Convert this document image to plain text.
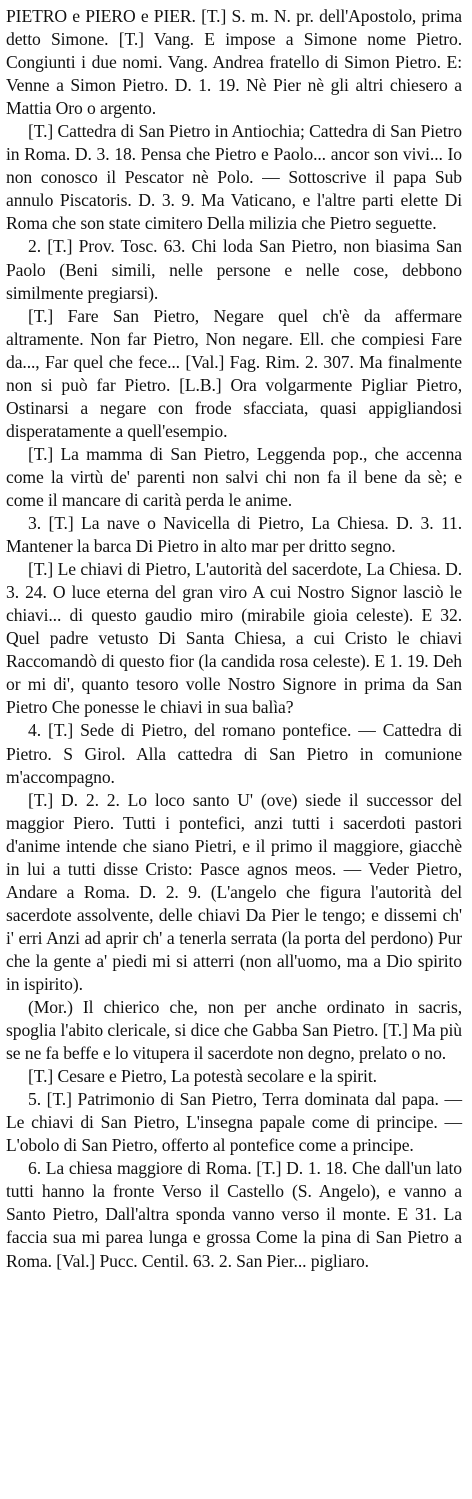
PIETRO e PIERO e PIER. [T.] S. m. N. pr. dell'Apostolo, prima detto Simone. [T.] Vang. E impose a Simone nome Pietro. Congiunti i due nomi. Vang. Andrea fratello di Simon Pietro. E: Venne a Simon Pietro. D. 1. 19. Nè Pier nè gli altri chiesero a Mattia Oro o argento.

[T.] Cattedra di San Pietro in Antiochia; Cattedra di San Pietro in Roma. D. 3. 18. Pensa che Pietro e Paolo... ancor son vivi... Io non conosco il Pescator nè Polo. — Sottoscrive il papa Sub annulo Piscatoris. D. 3. 9. Ma Vaticano, e l'altre parti elette Di Roma che son state cimitero Della milizia che Pietro seguette.

2. [T.] Prov. Tosc. 63. Chi loda San Pietro, non biasima San Paolo (Beni simili, nelle persone e nelle cose, debbono similmente pregiarsi).

[T.] Fare San Pietro, Negare quel ch'è da affermare altramente. Non far Pietro, Non negare. Ell. che compiesi Fare da..., Far quel che fece... [Val.] Fag. Rim. 2. 307. Ma finalmente non si può far Pietro. [L.B.] Ora volgarmente Pigliar Pietro, Ostinarsi a negare con frode sfacciata, quasi appigliandosi disperatamente a quell'esempio.

[T.] La mamma di San Pietro, Leggenda pop., che accenna come la virtù de' parenti non salvi chi non fa il bene da sè; e come il mancare di carità perda le anime.

3. [T.] La nave o Navicella di Pietro, La Chiesa. D. 3. 11. Mantener la barca Di Pietro in alto mar per dritto segno.

[T.] Le chiavi di Pietro, L'autorità del sacerdote, La Chiesa. D. 3. 24. O luce eterna del gran viro A cui Nostro Signor lasciò le chiavi... di questo gaudio miro (mirabile gioia celeste). E 32. Quel padre vetusto Di Santa Chiesa, a cui Cristo le chiavi Raccomandò di questo fior (la candida rosa celeste). E 1. 19. Deh or mi di', quanto tesoro volle Nostro Signore in prima da San Pietro Che ponesse le chiavi in sua balìa?

4. [T.] Sede di Pietro, del romano pontefice. — Cattedra di Pietro. S Girol. Alla cattedra di San Pietro in comunione m'accompagno.

[T.] D. 2. 2. Lo loco santo U' (ove) siede il successor del maggior Piero. Tutti i pontefici, anzi tutti i sacerdoti pastori d'anime intende che siano Pietri, e il primo il maggiore, giacchè in lui a tutti disse Cristo: Pasce agnos meos. — Veder Pietro, Andare a Roma. D. 2. 9. (L'angelo che figura l'autorità del sacerdote assolvente, delle chiavi Da Pier le tengo; e dissemi ch' i' erri Anzi ad aprir ch' a tenerla serrata (la porta del perdono) Pur che la gente a' piedi mi si atterri (non all'uomo, ma a Dio spirito in ispirito).

(Mor.) Il chierico che, non per anche ordinato in sacris, spoglia l'abito clericale, si dice che Gabba San Pietro. [T.] Ma più se ne fa beffe e lo vitupera il sacerdote non degno, prelato o no.

[T.] Cesare e Pietro, La potestà secolare e la spirit.

5. [T.] Patrimonio di San Pietro, Terra dominata dal papa. — Le chiavi di San Pietro, L'insegna papale come di principe. — L'obolo di San Pietro, offerto al pontefice come a principe.

6. La chiesa maggiore di Roma. [T.] D. 1. 18. Che dall'un lato tutti hanno la fronte Verso il Castello (S. Angelo), e vanno a Santo Pietro, Dall'altra sponda vanno verso il monte. E 31. La faccia sua mi parea lunga e grossa Come la pina di San Pietro a Roma. [Val.] Pucc. Centil. 63. 2. San Pier... pigliaro.
